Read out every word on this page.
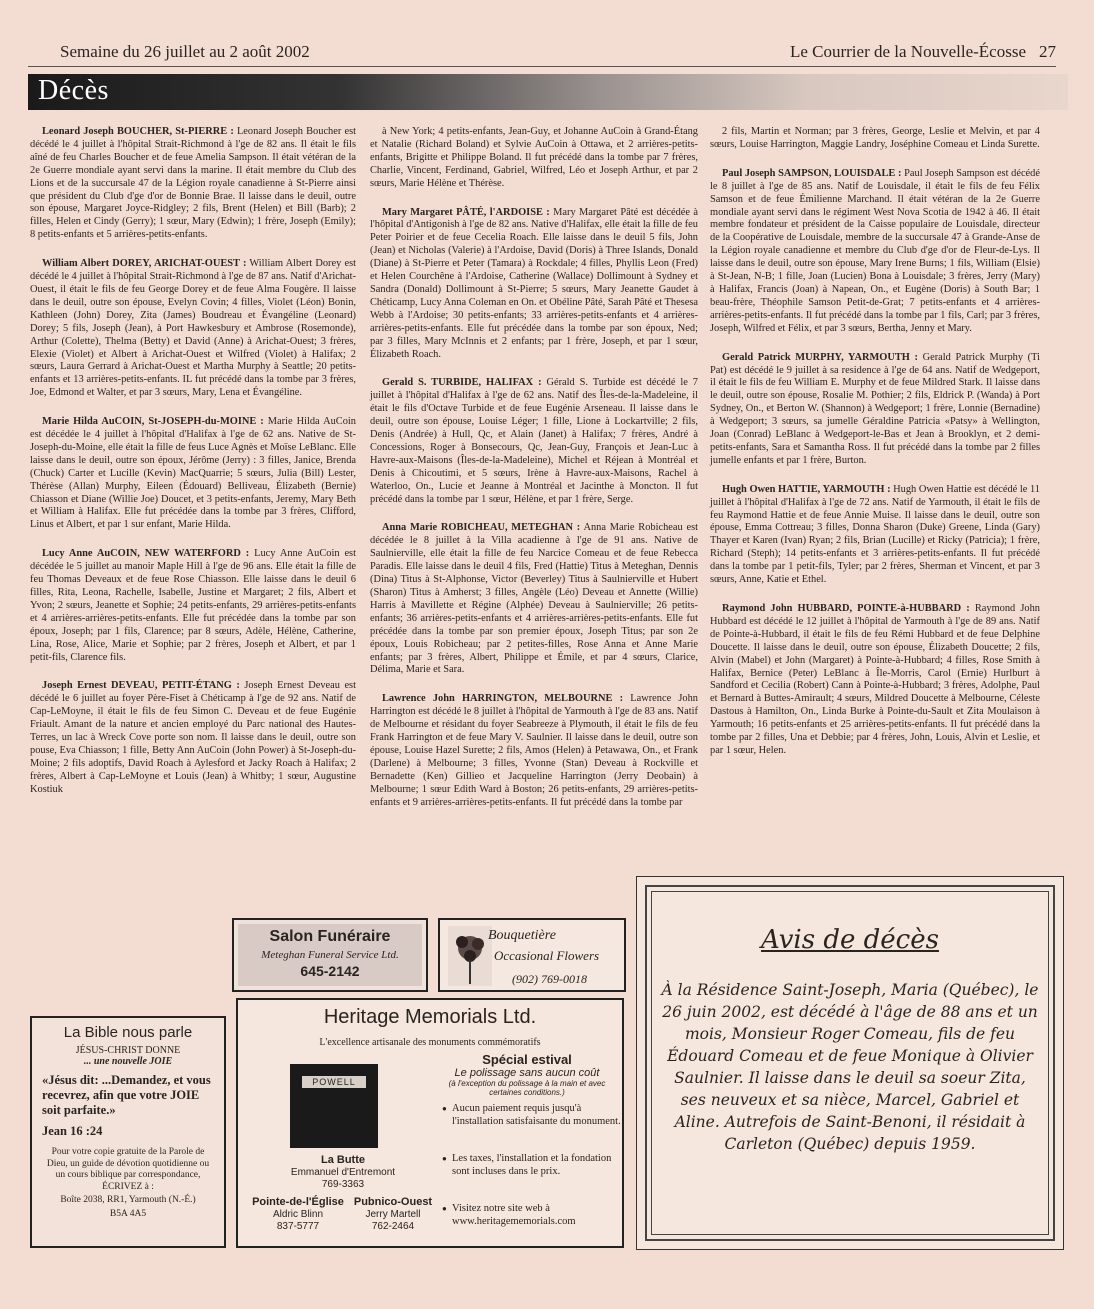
Semaine du 26 juillet au 2 août 2002	Le Courrier de la Nouvelle-Écosse 27
Décès

Leonard Joseph BOUCHER, St-PIERRE : Leonard Joseph Boucher est décédé le 4 juillet à l'hôpital Strait-Richmond à l'ge de 82 ans. Il était le fils aîné de feu Charles Boucher et de feue Amelia Sampson. Il était vétéran de la 2e Guerre mondiale ayant servi dans la marine. Il était membre du Club des Lions et de la succursale 47 de la Légion royale canadienne à St-Pierre ainsi que président du Club d'ge d'or de Bonnie Brae. Il laisse dans le deuil, outre son épouse, Margaret Joyce-Ridgley; 2 fils, Brent (Helen) et Bill (Barb); 2 filles, Helen et Cindy (Gerry); 1 sœur, Mary (Edwin); 1 frère, Joseph (Emily); 8 petits-enfants et 5 arrières-petits-enfants.

William Albert DOREY, ARICHAT-OUEST : William Albert Dorey est décédé le 4 juillet à l'hôpital Strait-Richmond à l'ge de 87 ans. Natif d'Arichat-Ouest, il était le fils de feu George Dorey et de feue Alma Fougère. Il laisse dans le deuil, outre son épouse, Evelyn Covin; 4 filles, Violet (Léon) Bonin, Kathleen (John) Dorey, Zita (James) Boudreau et Évangéline (Leonard) Dorey; 5 fils, Joseph (Jean), à Port Hawkesbury et Ambrose (Rosemonde), Arthur (Colette), Thelma (Betty) et David (Anne) à Arichat-Ouest; 3 frères, Elexie (Violet) et Albert à Arichat-Ouest et Wilfred (Violet) à Halifax; 2 sœurs, Laura Gerrard à Arichat-Ouest et Martha Murphy à Seattle; 20 petits-enfants et 13 arrières-petits-enfants. IL fut précédé dans la tombe par 3 frères, Joe, Edmond et Walter, et par 3 sœurs, Mary, Lena et Évangéline.

Marie Hilda AuCOIN, St-JOSEPH-du-MOINE : Marie Hilda AuCoin est décédée le 4 juillet à l'hôpital d'Halifax à l'ge de 62 ans. Native de St-Joseph-du-Moine, elle était la fille de feus Luce Agnès et Moïse LeBlanc. Elle laisse dans le deuil, outre son époux, Jérôme (Jerry) : 3 filles, Janice, Brenda (Chuck) Carter et Lucille (Kevin) MacQuarrie; 5 sœurs, Julia (Bill) Lester, Thérèse (Allan) Murphy, Eileen (Édouard) Belliveau, Élizabeth (Bernie) Chiasson et Diane (Willie Joe) Doucet, et 3 petits-enfants, Jeremy, Mary Beth et William à Halifax. Elle fut précédée dans la tombe par 3 frères, Clifford, Linus et Albert, et par 1 sur enfant, Marie Hilda.

Lucy Anne AuCOIN, NEW WATERFORD : Lucy Anne AuCoin est décédée le 5 juillet au manoir Maple Hill à l'ge de 96 ans. Elle était la fille de feu Thomas Deveaux et de feue Rose Chiasson. Elle laisse dans le deuil 6 filles, Rita, Leona, Rachelle, Isabelle, Justine et Margaret; 2 fils, Albert et Yvon; 2 sœurs, Jeanette et Sophie; 24 petits-enfants, 29 arrières-petits-enfants et 4 arrières-arrières-petits-enfants. Elle fut précédée dans la tombe par son époux, Joseph; par 1 fils, Clarence; par 8 sœurs, Adèle, Hélène, Catherine, Lina, Rose, Alice, Marie et Sophie; par 2 frères, Joseph et Albert, et par 1 petit-fils, Clarence fils.

Joseph Ernest DEVEAU, PETIT-ÉTANG : Joseph Ernest Deveau est décédé le 6 juillet au foyer Père-Fiset à Chéticamp à l'ge de 92 ans. Natif de Cap-LeMoyne, il était le fils de feu Simon C. Deveau et de feue Eugénie Friault. Amant de la nature et ancien employé du Parc national des Hautes-Terres, un lac à Wreck Cove porte son nom. Il laisse dans le deuil, outre son pouse, Eva Chiasson; 1 fille, Betty Ann AuCoin (John Power) à St-Joseph-du-Moine; 2 fils adoptifs, David Roach à Aylesford et Jacky Roach à Halifax; 2 frères, Albert à Cap-LeMoyne et Louis (Jean) à Whitby; 1 sœur, Augustine Kostiuk

à New York; 4 petits-enfants, Jean-Guy, et Johanne AuCoin à Grand-Étang et Natalie (Richard Boland) et Sylvie AuCoin à Ottawa, et 2 arrières-petits-enfants, Brigitte et Philippe Boland. Il fut précédé dans la tombe par 7 frères, Charlie, Vincent, Ferdinand, Gabriel, Wilfred, Léo et Joseph Arthur, et par 2 sœurs, Marie Hélène et Thérèse.

Mary Margaret PÂTÉ, l'ARDOISE : Mary Margaret Pâté est décédée à l'hôpital d'Antigonish à l'ge de 82 ans. Native d'Halifax, elle était la fille de feu Peter Poirier et de feue Cecelia Roach. Elle laisse dans le deuil 5 fils, John (Jean) et Nicholas (Valerie) à l'Ardoise, David (Doris) à Three Islands, Donald (Diane) à St-Pierre et Peter (Tamara) à Rockdale; 4 filles, Phyllis Leon (Fred) et Helen Courchêne à l'Ardoise, Catherine (Wallace) Dollimount à Sydney et Sandra (Donald) Dollimount à St-Pierre; 5 sœurs, Mary Jeanette Gaudet à Chéticamp, Lucy Anna Coleman en On. et Obéline Pâté, Sarah Pâté et Thesesa Webb à l'Ardoise; 30 petits-enfants; 33 arrières-petits-enfants et 4 arrières-arrières-petits-enfants. Elle fut précédée dans la tombe par son époux, Ned; par 3 filles, Mary McInnis et 2 enfants; par 1 frère, Joseph, et par 1 sœur, Élizabeth Roach.

Gerald S. TURBIDE, HALIFAX : Gérald S. Turbide est décédé le 7 juillet à l'hôpital d'Halifax à l'ge de 62 ans. Natif des Îles-de-la-Madeleine, il était le fils d'Octave Turbide et de feue Eugénie Arseneau. Il laisse dans le deuil, outre son épouse, Louise Léger; 1 fille, Lione à Lockartville; 2 fils, Denis (Andrée) à Hull, Qc, et Alain (Janet) à Halifax; 7 frères, André à Concessions, Roger à Bonsecours, Qc, Jean-Guy, François et Jean-Luc à Havre-aux-Maisons (Îles-de-la-Madeleine), Michel et Réjean à Montréal et Denis à Chicoutimi, et 5 sœurs, Irène à Havre-aux-Maisons, Rachel à Waterloo, On., Lucie et Jeanne à Montréal et Jacinthe à Moncton. Il fut précédé dans la tombe par 1 sœur, Hélène, et par 1 frère, Serge.

Anna Marie ROBICHEAU, METEGHAN : Anna Marie Robicheau est décédée le 8 juillet à la Villa acadienne à l'ge de 91 ans. Native de Saulnierville, elle était la fille de feu Narcice Comeau et de feue Rebecca Paradis. Elle laisse dans le deuil 4 fils, Fred (Hattie) Titus à Meteghan, Dennis (Dina) Titus à St-Alphonse, Victor (Beverley) Titus à Saulnierville et Hubert (Sharon) Titus à Amherst; 3 filles, Angèle (Léo) Deveau et Annette (Willie) Harris à Mavillette et Régine (Alphée) Deveau à Saulnierville; 26 petits-enfants; 36 arrières-petits-enfants et 4 arrières-arrières-petits-enfants. Elle fut précédée dans la tombe par son premier époux, Joseph Titus; par son 2e époux, Louis Robicheau; par 2 petites-filles, Rose Anna et Anne Marie enfants; par 3 frères, Albert, Philippe et Émile, et par 4 sœurs, Clarice, Délima, Marie et Sara.

Lawrence John HARRINGTON, MELBOURNE : Lawrence John Harrington est décédé le 8 juillet à l'hôpital de Yarmouth à l'ge de 83 ans. Natif de Melbourne et résidant du foyer Seabreeze à Plymouth, il était le fils de feu Frank Harrington et de feue Mary V. Saulnier. Il laisse dans le deuil, outre son épouse, Louise Hazel Surette; 2 fils, Amos (Helen) à Petawawa, On., et Frank (Darlene) à Melbourne; 3 filles, Yvonne (Stan) Deveau à Rockville et Bernadette (Ken) Gillieo et Jacqueline Harrington (Jerry Deobain) à Melbourne; 1 sœur Edith Ward à Boston; 26 petits-enfants, 29 arrières-petits-enfants et 9 arrières-arrières-petits-enfants. Il fut précédé dans la tombe par

2 fils, Martin et Norman; par 3 frères, George, Leslie et Melvin, et par 4 sœurs, Louise Harrington, Maggie Landry, Joséphine Comeau et Linda Surette.

Paul Joseph SAMPSON, LOUISDALE : Paul Joseph Sampson est décédé le 8 juillet à l'ge de 85 ans. Natif de Louisdale, il était le fils de feu Félix Samson et de feue Émilienne Marchand. Il était vétéran de la 2e Guerre mondiale ayant servi dans le régiment West Nova Scotia de 1942 à 46. Il était membre fondateur et président de la Caisse populaire de Louisdale, directeur de la Coopérative de Louisdale, membre de la succursale 47 à Grande-Anse de la Légion royale canadienne et membre du Club d'ge d'or de Fleur-de-Lys. Il laisse dans le deuil, outre son épouse, Mary Irene Burns; 1 fils, William (Elsie) à St-Jean, N-B; 1 fille, Joan (Lucien) Bona à Louisdale; 3 frères, Jerry (Mary) à Halifax, Francis (Joan) à Napean, On., et Eugène (Doris) à South Bar; 1 beau-frère, Théophile Samson Petit-de-Grat; 7 petits-enfants et 4 arrières-arrières-petits-enfants. Il fut précédé dans la tombe par 1 fils, Carl; par 3 frères, Joseph, Wilfred et Félix, et par 3 sœurs, Bertha, Jenny et Mary.

Gerald Patrick MURPHY, YARMOUTH : Gerald Patrick Murphy (Ti Pat) est décédé le 9 juillet à sa residence à l'ge de 64 ans. Natif de Wedgeport, il était le fils de feu William E. Murphy et de feue Mildred Stark. Il laisse dans le deuil, outre son épouse, Rosalie M. Pothier; 2 fils, Eldrick P. (Wanda) à Port Sydney, On., et Berton W. (Shannon) à Wedgeport; 1 frère, Lonnie (Bernadine) à Wedgeport; 3 sœurs, sa jumelle Géraldine Patricia «Patsy» à Wellington, Joan (Conrad) LeBlanc à Wedgeport-le-Bas et Jean à Brooklyn, et 2 demi-petits-enfants, Sara et Samantha Ross. Il fut précédé dans la tombe par 2 filles jumelle enfants et par 1 frère, Burton.

Hugh Owen HATTIE, YARMOUTH : Hugh Owen Hattie est décédé le 11 juillet à l'hôpital d'Halifax à l'ge de 72 ans. Natif de Yarmouth, il était le fils de feu Raymond Hattie et de feue Annie Muise. Il laisse dans le deuil, outre son épouse, Emma Cottreau; 3 filles, Donna Sharon (Duke) Greene, Linda (Gary) Thayer et Karen (Ivan) Ryan; 2 fils, Brian (Lucille) et Ricky (Patricia); 1 frère, Richard (Steph); 14 petits-enfants et 3 arrières-petits-enfants. Il fut précédé dans la tombe par 1 petit-fils, Tyler; par 2 frères, Sherman et Vincent, et par 3 sœurs, Anne, Katie et Ethel.

Raymond John HUBBARD, POINTE-à-HUBBARD : Raymond John Hubbard est décédé le 12 juillet à l'hôpital de Yarmouth à l'ge de 89 ans. Natif de Pointe-à-Hubbard, il était le fils de feu Rémi Hubbard et de feue Delphine Doucette. Il laisse dans le deuil, outre son épouse, Élizabeth Doucette; 2 fils, Alvin (Mabel) et John (Margaret) à Pointe-à-Hubbard; 4 filles, Rose Smith à Halifax, Bernice (Peter) LeBlanc à Île-Morris, Carol (Ernie) Hurlburt à Sandford et Cecilia (Robert) Cann à Pointe-à-Hubbard; 3 frères, Adolphe, Paul et Bernard à Buttes-Amirault; 4 sœurs, Mildred Doucette à Melbourne, Céleste Dastous à Hamilton, On., Linda Burke à Pointe-du-Sault et Zita Moulaison à Yarmouth; 16 petits-enfants et 25 arrières-petits-enfants. Il fut précédé dans la tombe par 2 filles, Una et Debbie; par 4 frères, John, Louis, Alvin et Leslie, et par 1 sœur, Helen.

Salon Funéraire
Meteghan Funeral Service Ltd.
645-2142
Bouquetière
Occasional Flowers
(902) 769-0018
La Bible nous parle
JÉSUS-CHRIST DONNE
... une nouvelle JOIE
«Jésus dit: ...Demandez, et vous recevrez, afin que votre JOIE soit parfaite.»
Jean 16 :24
Pour votre copie gratuite de la Parole de Dieu, un guide de dévotion quotidienne ou un cours biblique par correspondance, ÉCRIVEZ à :
Boîte 2038, RR1, Yarmouth (N.-É.)
B5A 4A5
Heritage Memorials Ltd.
L'excellence artisanale des monuments commémoratifs
POWELL
La Butte
Emmanuel d'Entremont
769-3363
Pointe-de-l'Église
Aldric Blinn
837-5777
Pubnico-Ouest
Jerry Martell
762-2464
Spécial estival
Le polissage sans aucun coût
(à l'exception du polissage à la main et avec certaines conditions.)
● Aucun paiement requis jusqu'à l'installation satisfaisante du monument.
● Les taxes, l'installation et la fondation sont incluses dans le prix.
● Visitez notre site web à www.heritagememorials.com
Avis de décès
À la Résidence Saint-Joseph, Maria (Québec), le 26 juin 2002, est décédé à l'âge de 88 ans et un mois, Monsieur Roger Comeau, fils de feu Édouard Comeau et de feue Monique à Olivier Saulnier. Il laisse dans le deuil sa soeur Zita, ses neuveux et sa nièce, Marcel, Gabriel et Aline. Autrefois de Saint-Benoni, il résidait à Carleton (Québec) depuis 1959.
